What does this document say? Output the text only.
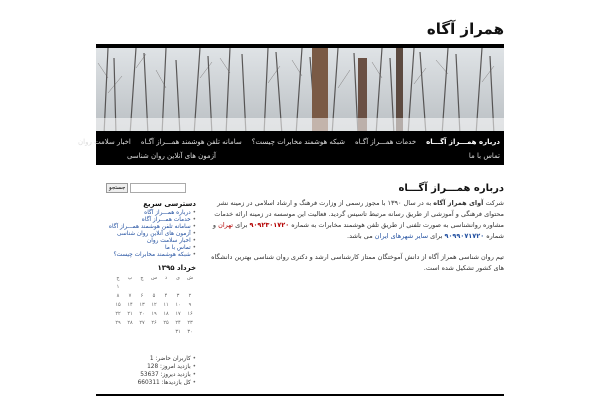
همراز آگاه
درباره همـــراز آگـــاه
خدمات همـــراز آگـاه
شبکه هوشمند مخابرات چیست؟
سامانه تلفن هوشمند همـــراز آگـاه
اخبار سلامت روان
تماس با ما
آزمون های آنلاین روان شناسی
درباره همـــراز آگـــاه

شرکت آوای همراز آگاه به در سال ۱۳۹۰ با مجوز رسمی از وزارت فرهنگ و ارشاد اسلامی در زمینه نشر محتوای فرهنگی و آموزشی از طریق رسانه مرتبط تاسیس گردید. فعالیت این موسسه در زمینه ارائه خدمات مشاوره روانشناسی به صورت تلفنی از طریق تلفن هوشمند مخابرات به شماره ۹۰۹۲۳۰۱۷۲۰ برای تهران و شماره ۹۰۹۹۰۷۱۷۲۰ برای سایر شهرهای ایران می باشد.

تیم روان شناسی همراز آگاه از دانش آموختگان ممتاز کارشناسی ارشد و دکتری روان شناسی بهترین دانشگاه های کشور تشکیل شده است.

جستجو
دسترسی سریع
• درباره همـــراز آگاه
• خدمات همـــراز آگاه
• سامانه تلفن هوشمند همـــراز آگاه
• آزمون های آنلاین روان شناسی
• اخبار سلامت روان
• تماس با ما
• شبکه هوشمند مخابرات چیست؟
خرداد ۱۳۹۵
ش	ی	د	س	چ	پ	ج
						۱
۲	۳	۴	۵	۶	۷	۸
۹	۱۰	۱۱	۱۲	۱۳	۱۴	۱۵
۱۶	۱۷	۱۸	۱۹	۲۰	۲۱	۲۲
۲۳	۲۴	۲۵	۲۶	۲۷	۲۸	۲۹
۳۰	۳۱					
• کاربران حاضر: 1
• بازدید امروز: 128
• بازدید دیروز: 53637
• کل بازدیدها: 660311
